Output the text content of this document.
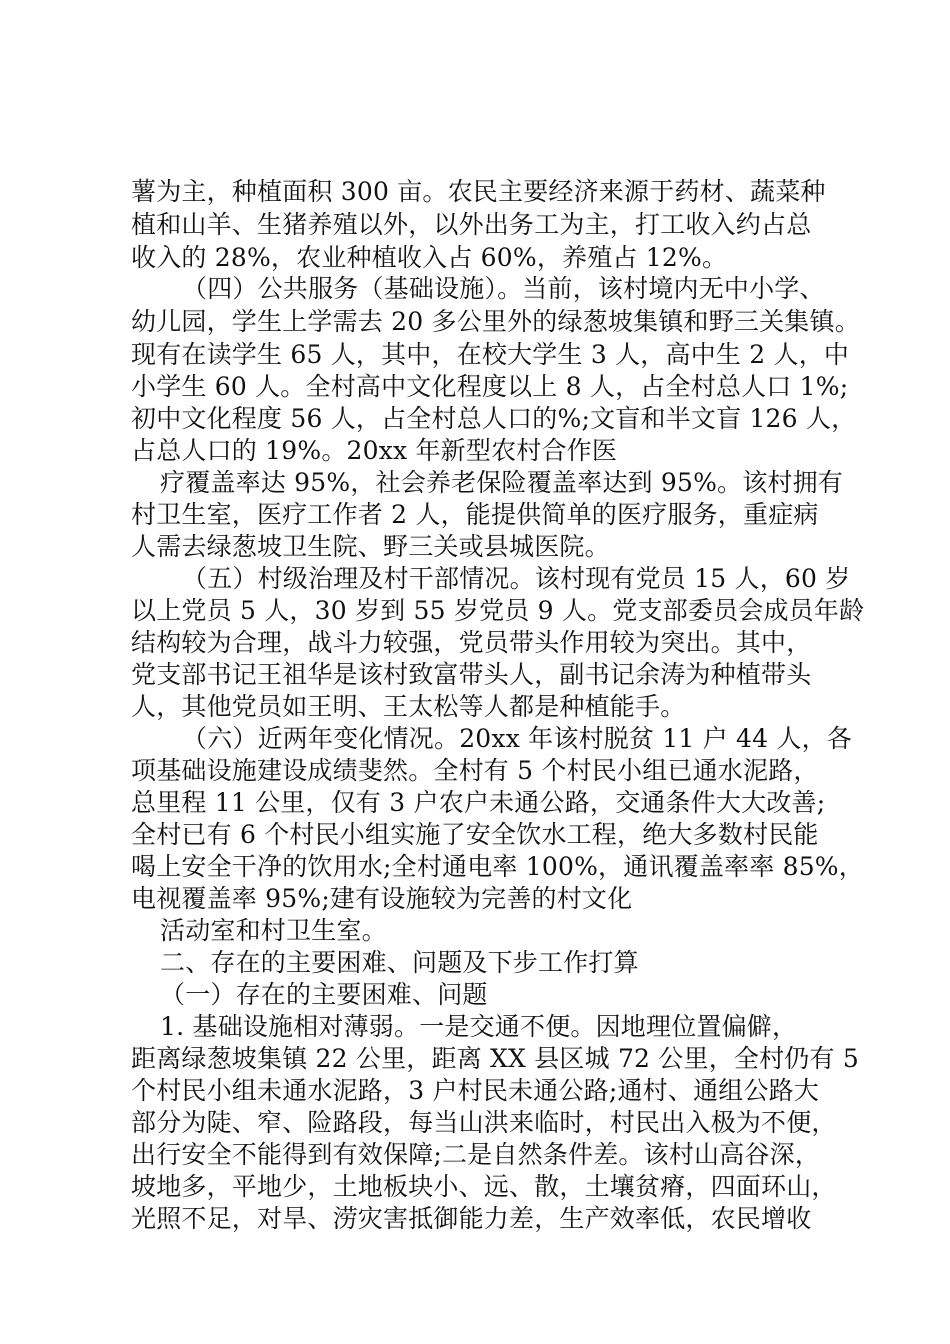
薯为主，种植面积 300 亩。农民主要经济来源于药材、蔬菜种
植和山羊、生猪养殖以外，以外出务工为主，打工收入约占总
收入的 28%，农业种植收入占 60%，养殖占 12%。
（四）公共服务（基础设施）。当前，该村境内无中小学、
幼儿园，学生上学需去 20 多公里外的绿葱坡集镇和野三关集镇。
现有在读学生 65 人，其中，在校大学生 3 人，高中生 2 人，中
小学生 60 人。全村高中文化程度以上 8 人，占全村总人口 1%;
初中文化程度 56 人，占全村总人口的%;文盲和半文盲 126 人，
占总人口的 19%。20xx 年新型农村合作医
疗覆盖率达 95%，社会养老保险覆盖率达到 95%。该村拥有
村卫生室，医疗工作者 2 人，能提供简单的医疗服务，重症病
人需去绿葱坡卫生院、野三关或县城医院。
（五）村级治理及村干部情况。该村现有党员 15 人，60 岁
以上党员 5 人，30 岁到 55 岁党员 9 人。党支部委员会成员年龄
结构较为合理，战斗力较强，党员带头作用较为突出。其中，
党支部书记王祖华是该村致富带头人，副书记余涛为种植带头
人，其他党员如王明、王太松等人都是种植能手。
（六）近两年变化情况。20xx 年该村脱贫 11 户 44 人，各
项基础设施建设成绩斐然。全村有 5 个村民小组已通水泥路，
总里程 11 公里，仅有 3 户农户未通公路，交通条件大大改善;
全村已有 6 个村民小组实施了安全饮水工程，绝大多数村民能
喝上安全干净的饮用水;全村通电率 100%，通讯覆盖率率 85%，
电视覆盖率 95%;建有设施较为完善的村文化
活动室和村卫生室。
二、存在的主要困难、问题及下步工作打算
（一）存在的主要困难、问题
1. 基础设施相对薄弱。一是交通不便。因地理位置偏僻，
距离绿葱坡集镇 22 公里，距离 XX 县区城 72 公里，全村仍有 5
个村民小组未通水泥路，3 户村民未通公路;通村、通组公路大
部分为陡、窄、险路段，每当山洪来临时，村民出入极为不便，
出行安全不能得到有效保障;二是自然条件差。该村山高谷深，
坡地多，平地少，土地板块小、远、散，土壤贫瘠，四面环山，
光照不足，对旱、涝灾害抵御能力差，生产效率低，农民增收
